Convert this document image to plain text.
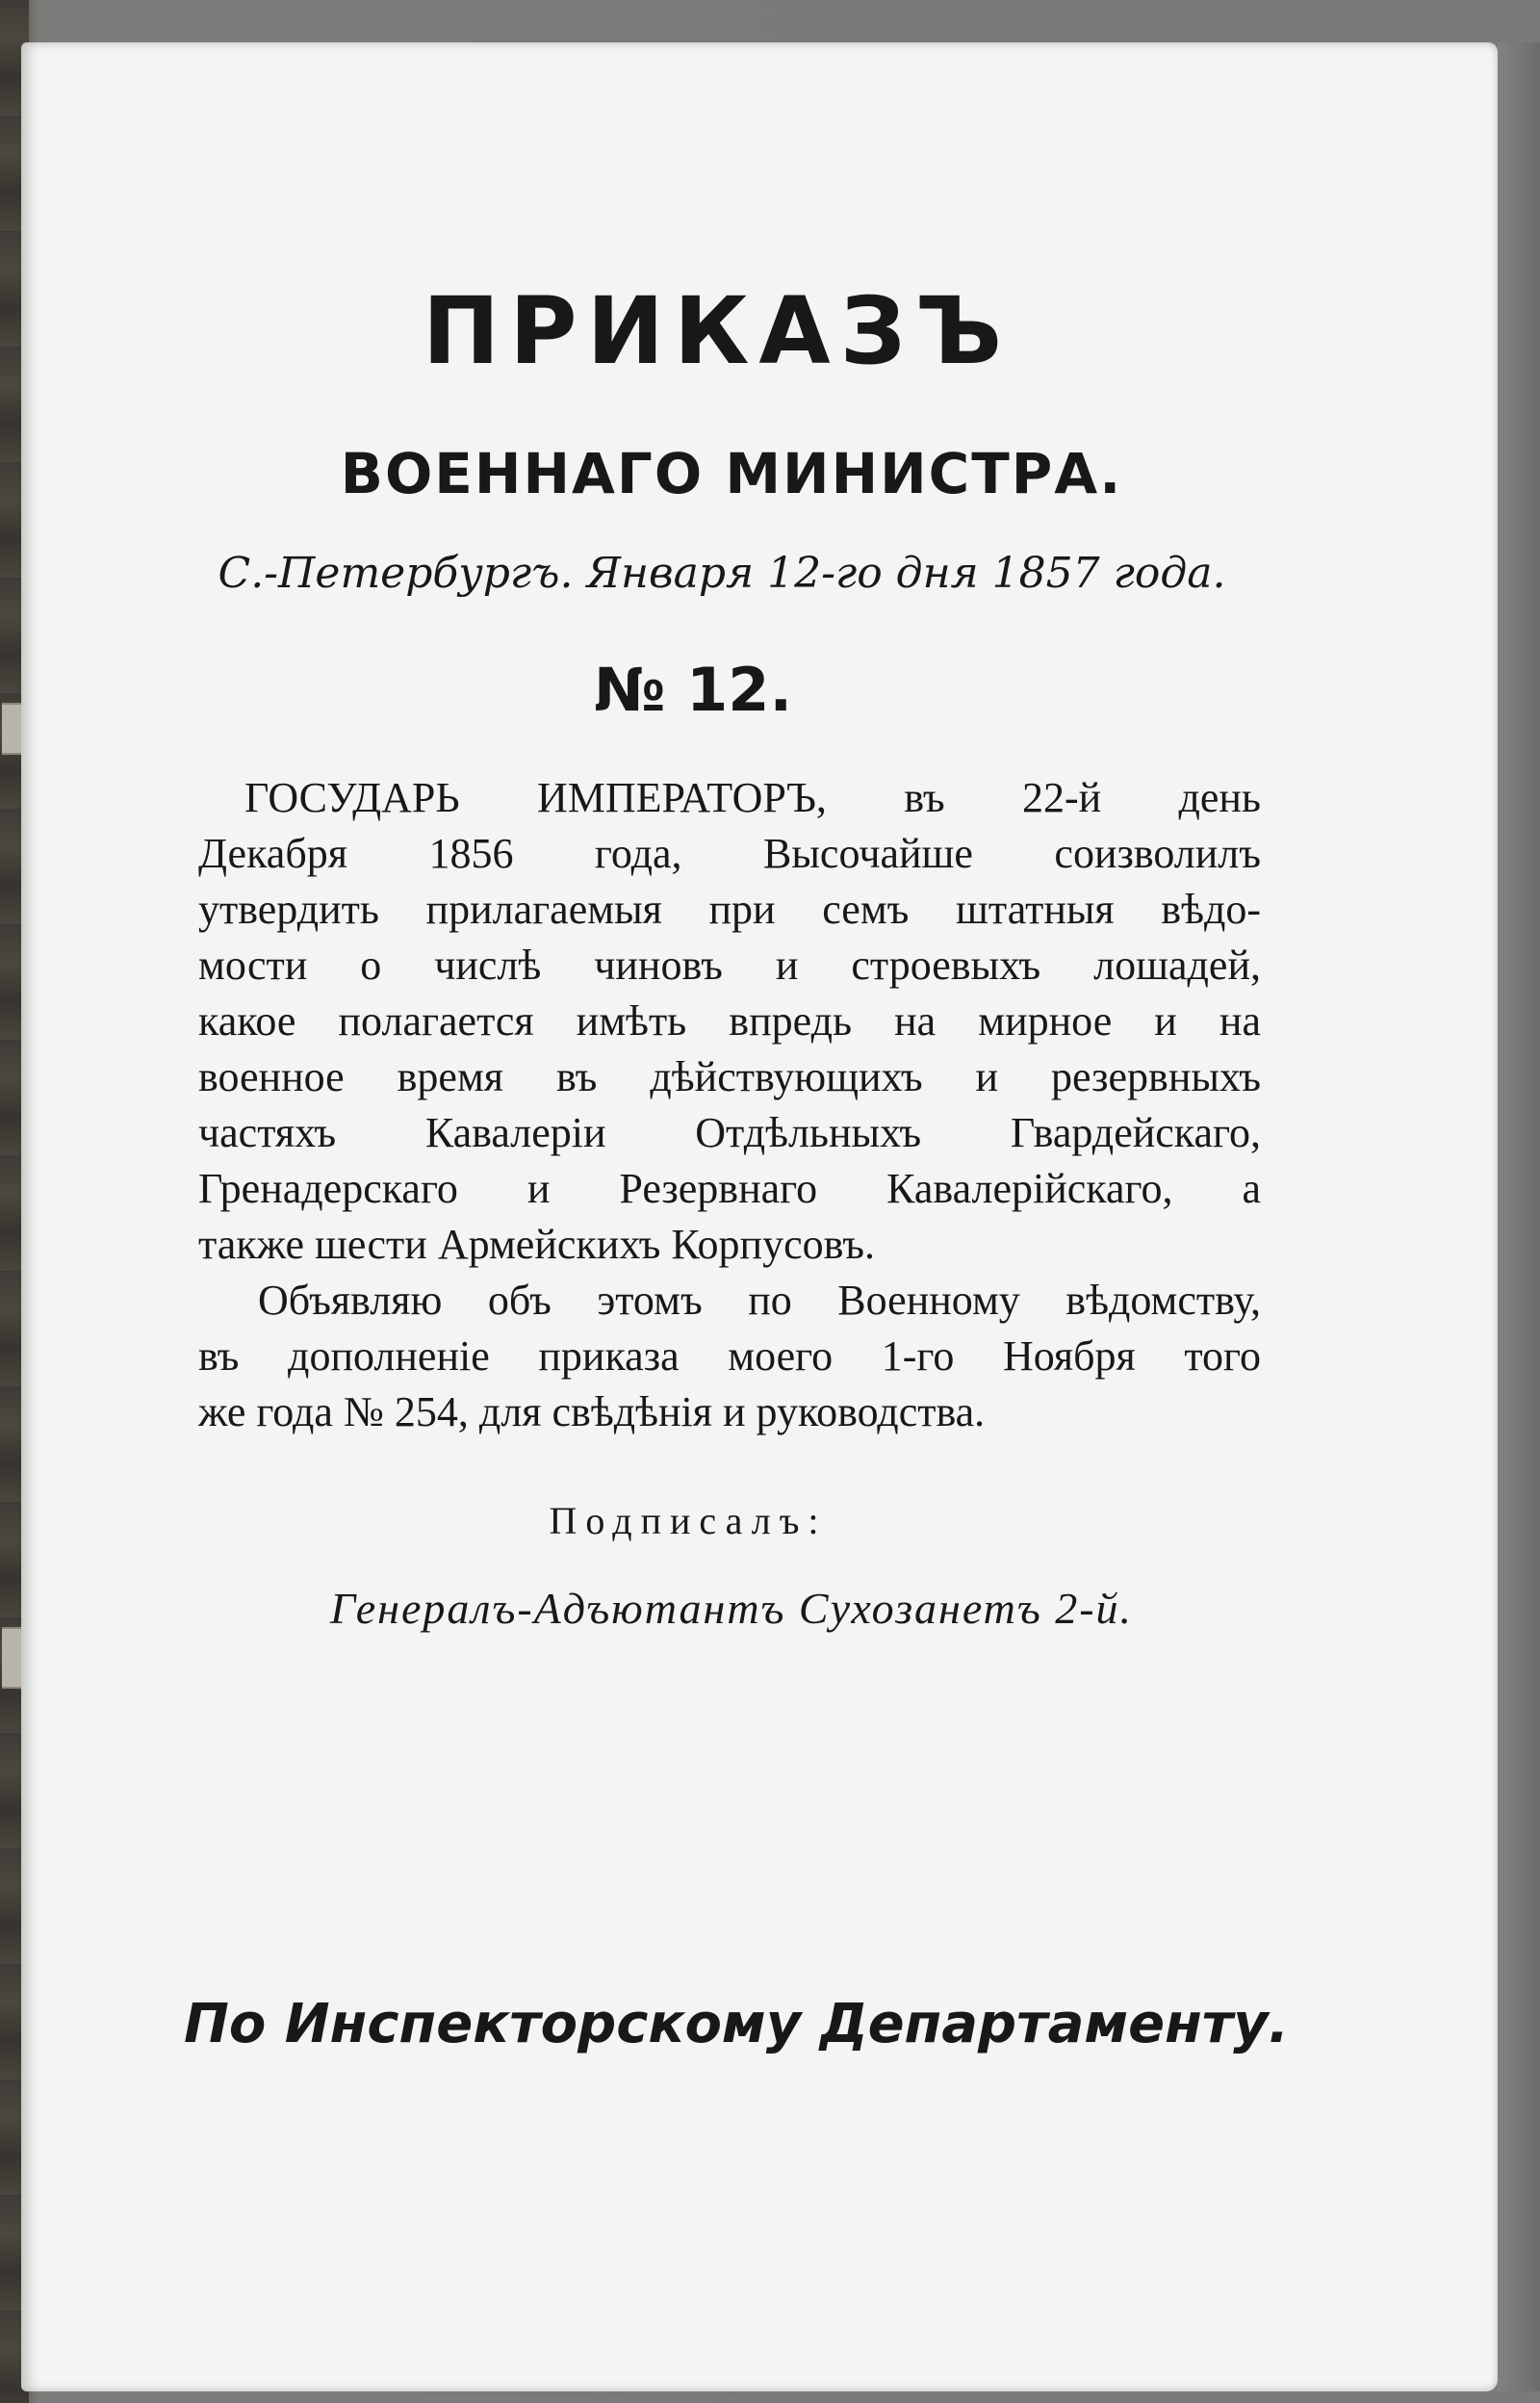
ПРИКАЗЪ
ВОЕННАГО МИНИСТРА.

С.-Петербургъ. Января 12-го дня 1857 года.

№ 12.

ГОСУДАРЬ ИМПЕРАТОРЪ, въ 22-й день
Декабря 1856 года, Высочайше соизволилъ
утвердить прилагаемыя при семъ штатныя вѣдо-
мости о числѣ чиновъ и строевыхъ лошадей,
какое полагается имѣть впредь на мирное и на
военное время въ дѣйствующихъ и резервныхъ
частяхъ Кавалеріи Отдѣльныхъ Гвардейскаго,
Гренадерскаго и Резервнаго Кавалерійскаго, а
также шести Армейскихъ Корпусовъ.
Объявляю объ этомъ по Военному вѣдомству,
въ дополненіе приказа моего 1-го Ноября того
же года № 254, для свѣдѣнія и руководства.

Подписалъ:

Генералъ-Адъютантъ Сухозанетъ 2-й.

По Инспекторскому Департаменту.
